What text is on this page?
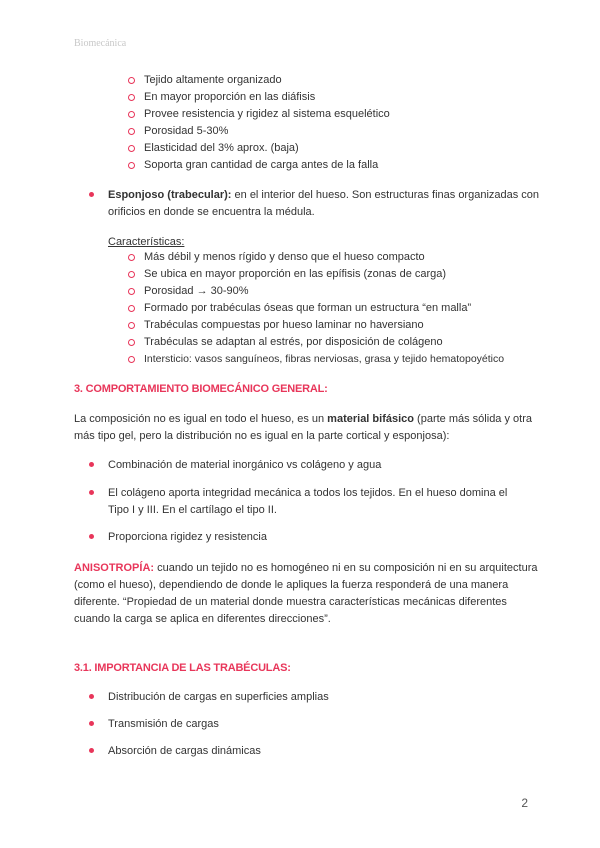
Biomecánica
Tejido altamente organizado
En mayor proporción en las diáfisis
Provee resistencia y rigidez al sistema esquelético
Porosidad 5-30%
Elasticidad del 3% aprox. (baja)
Soporta gran cantidad de carga antes de la falla
Esponjoso (trabecular): en el interior del hueso. Son estructuras finas organizadas con
orificios en donde se encuentra la médula.
Características:
Más débil y menos rígido y denso que el hueso compacto
Se ubica en mayor proporción en las epífisis (zonas de carga)
Porosidad → 30-90%
Formado por trabéculas óseas que forman un estructura “en malla”
Trabéculas compuestas por hueso laminar no haversiano
Trabéculas se adaptan al estrés, por disposición de colágeno
Intersticio: vasos sanguíneos, fibras nerviosas, grasa y tejido hematopoyético
3. COMPORTAMIENTO BIOMECÁNICO GENERAL:
La composición no es igual en todo el hueso, es un material bifásico (parte más sólida y otra
más tipo gel, pero la distribución no es igual en la parte cortical y esponjosa):
Combinación de material inorgánico vs colágeno y agua
El colágeno aporta integridad mecánica a todos los tejidos. En el hueso domina el
Tipo I y III. En el cartílago el tipo II.
Proporciona rigidez y resistencia
ANISOTROPÍA: cuando un tejido no es homogéneo ni en su composición ni en su arquitectura
(como el hueso), dependiendo de donde le apliques la fuerza responderá de una manera
diferente. “Propiedad de un material donde muestra características mecánicas diferentes
cuando la carga se aplica en diferentes direcciones”.
3.1. IMPORTANCIA DE LAS TRABÉCULAS:
Distribución de cargas en superficies amplias
Transmisión de cargas
Absorción de cargas dinámicas
2
